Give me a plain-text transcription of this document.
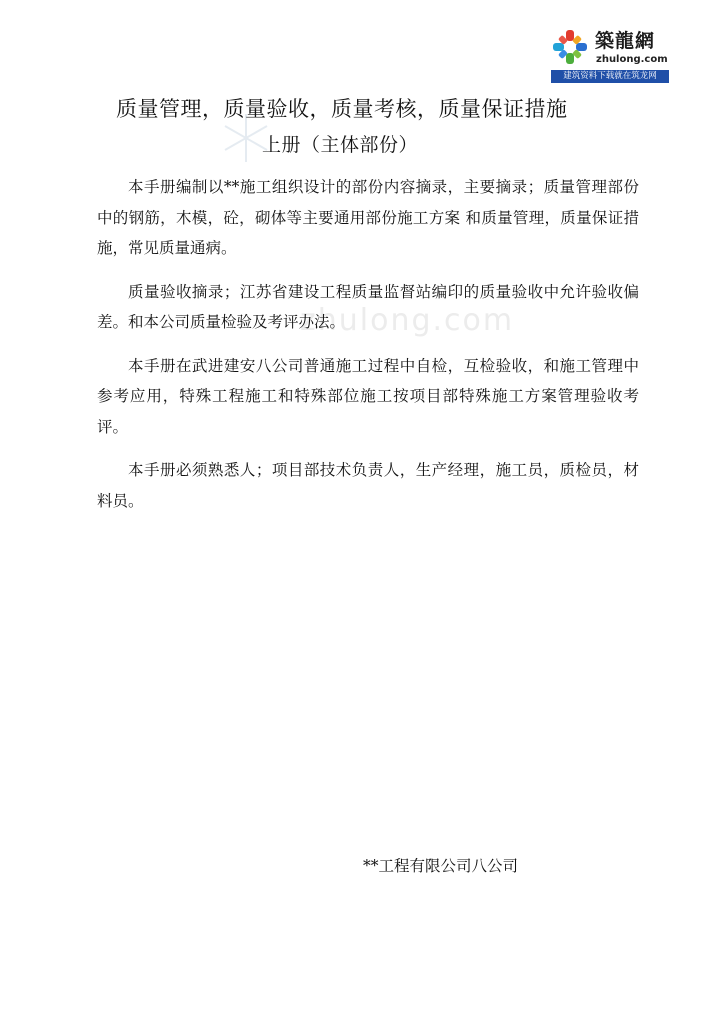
築龍網
zhulong.com
建筑资料下载就在筑龙网
zhulong.com
质量管理，质量验收，质量考核，质量保证措施
上册（主体部份）

本手册编制以**施工组织设计的部份内容摘录，主要摘录；质量管理部份中的钢筋，木模，砼，砌体等主要通用部份施工方案 和质量管理，质量保证措施，常见质量通病。

质量验收摘录；江苏省建设工程质量监督站编印的质量验收中允许验收偏差。和本公司质量检验及考评办法。

本手册在武进建安八公司普通施工过程中自检，互检验收，和施工管理中参考应用，特殊工程施工和特殊部位施工按项目部特殊施工方案管理验收考评。

本手册必须熟悉人；项目部技术负责人，生产经理，施工员，质检员，材料员。

**工程有限公司八公司
